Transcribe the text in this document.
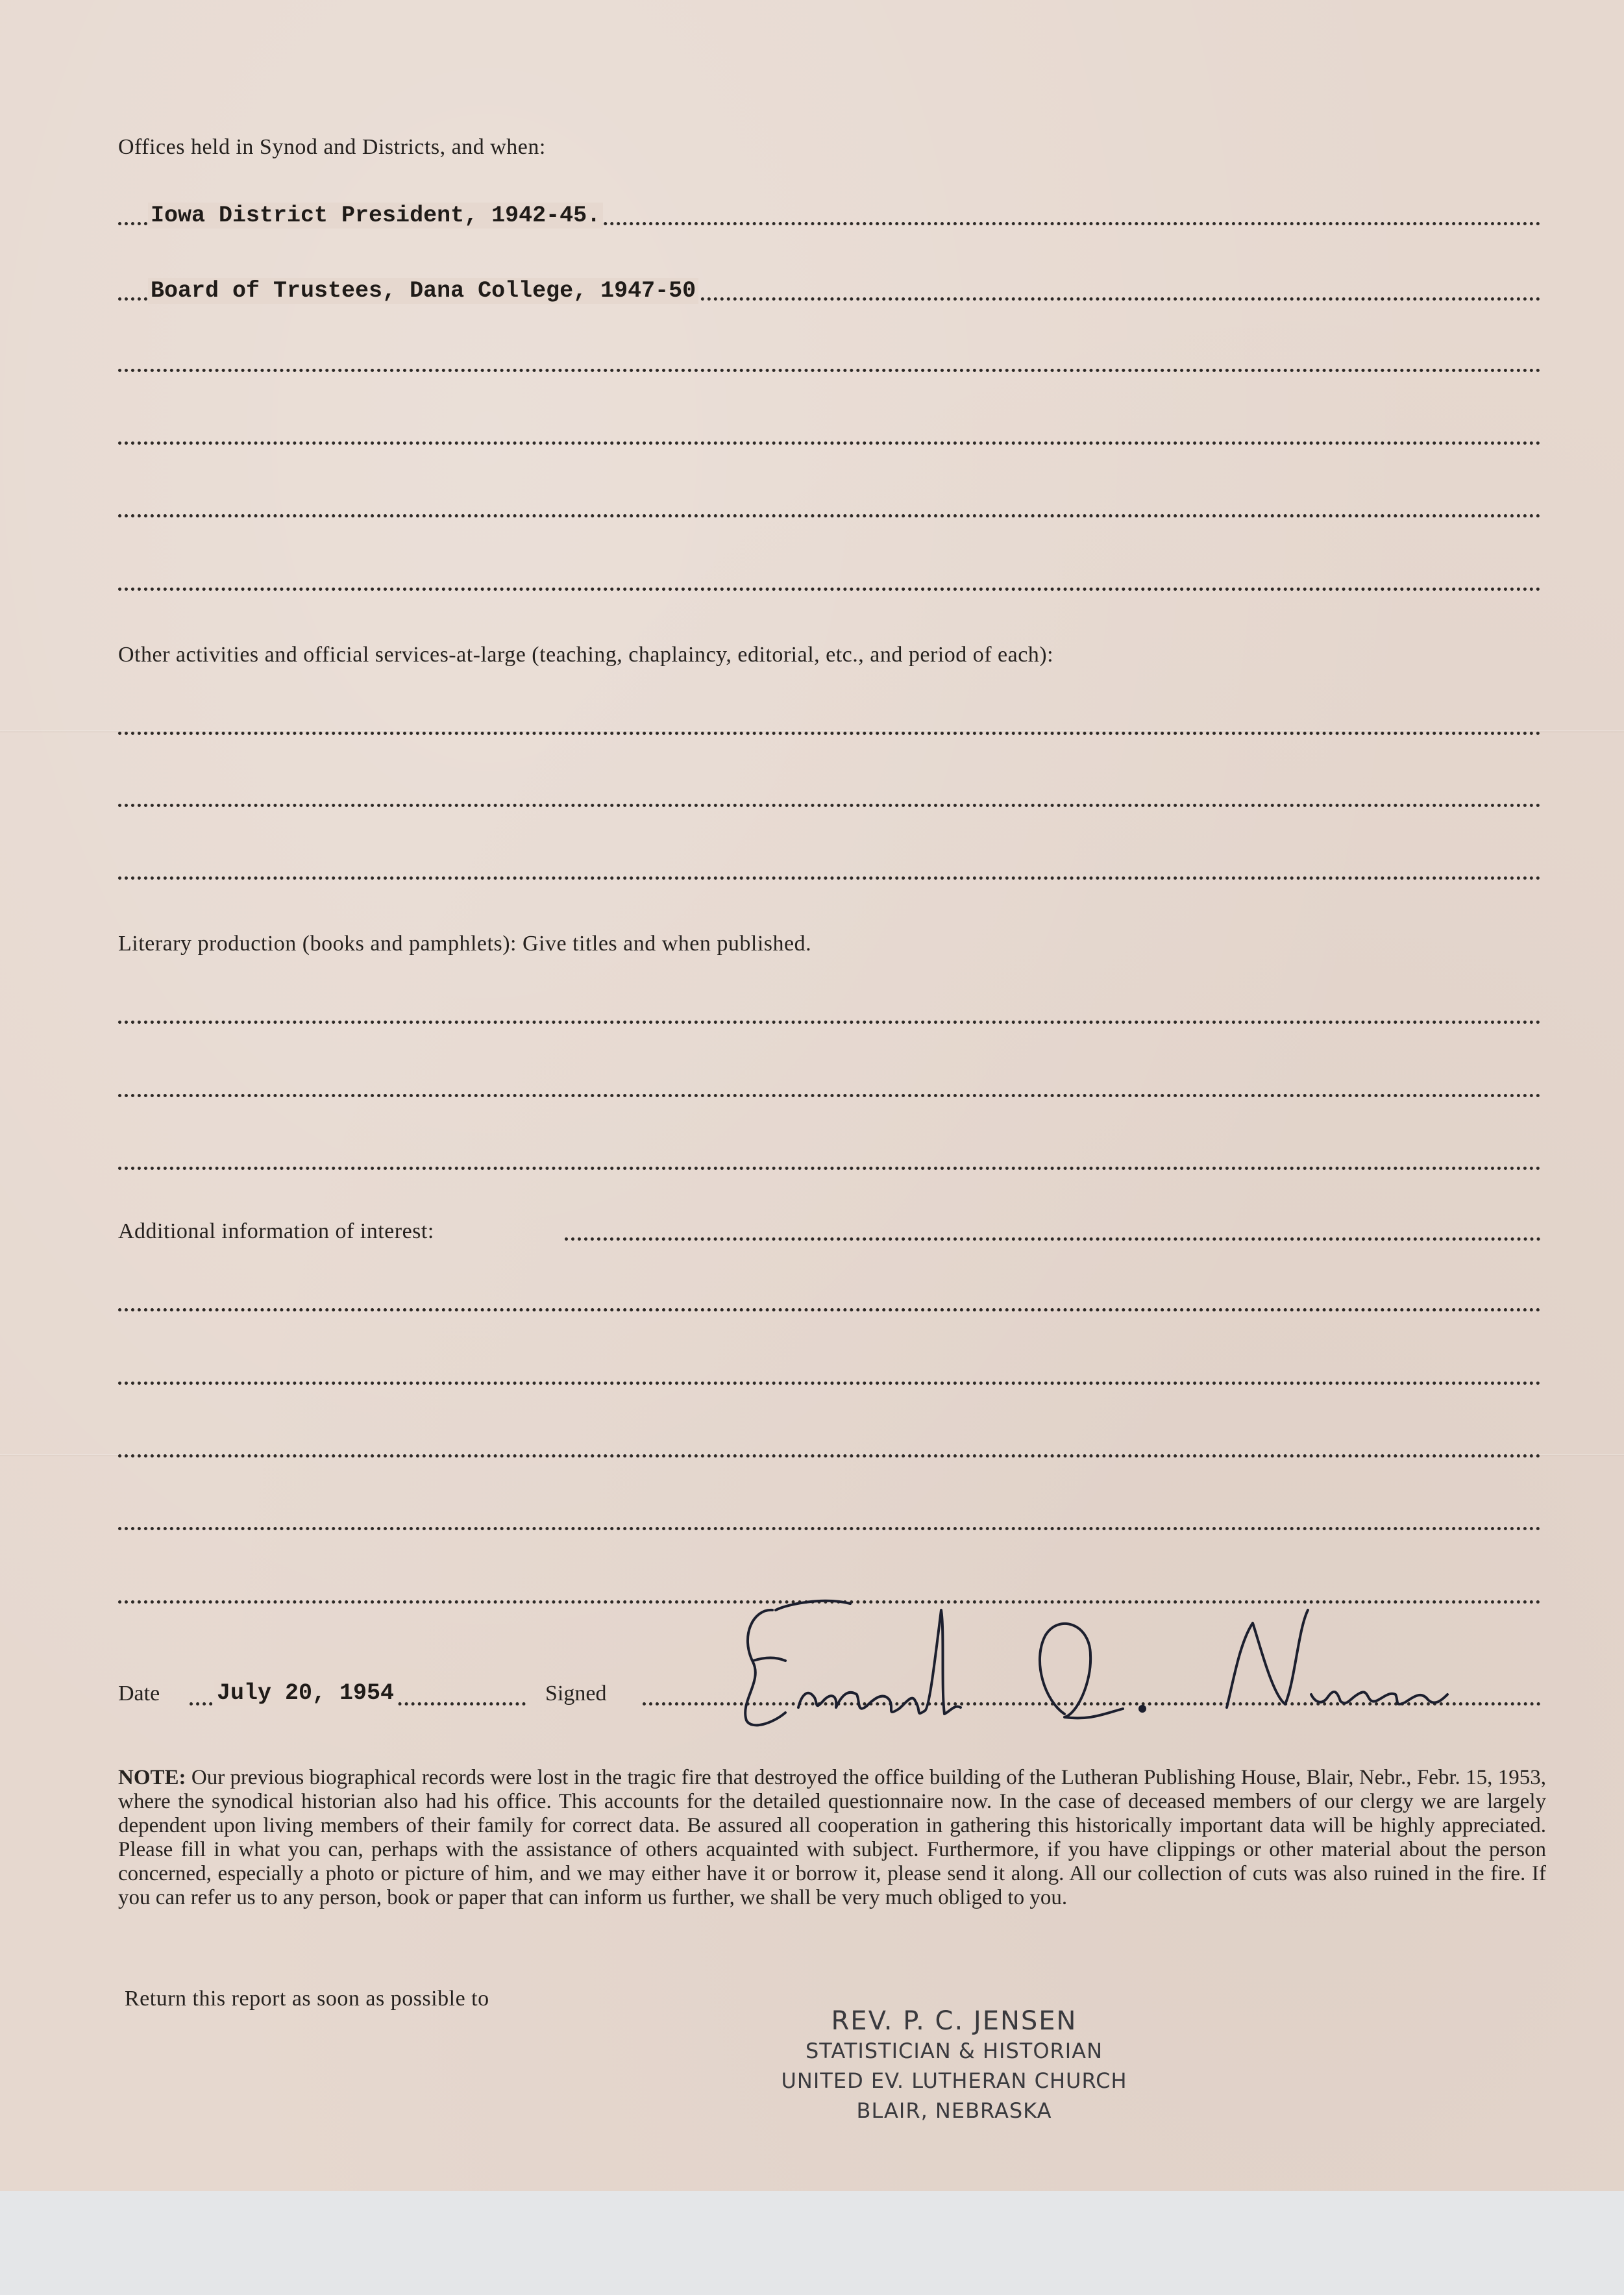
Offices held in Synod and Districts, and when:
Iowa District President, 1942-45.
Board of Trustees, Dana College, 1947-50
Other activities and official services-at-large (teaching, chaplaincy, editorial, etc., and period of each):
Literary production (books and pamphlets): Give titles and when published.
Additional information of interest:
Date	July 20, 1954	Signed
NOTE: Our previous biographical records were lost in the tragic fire that destroyed the office building of the Lutheran Publishing House, Blair, Nebr., Febr. 15, 1953, where the synodical historian also had his office. This accounts for the detailed questionnaire now. In the case of deceased members of our clergy we are largely dependent upon living members of their family for correct data. Be assured all cooperation in gathering this historically important data will be highly appreciated. Please fill in what you can, perhaps with the assistance of others acquainted with subject. Furthermore, if you have clippings or other material about the person concerned, especially a photo or picture of him, and we may either have it or borrow it, please send it along. All our collection of cuts was also ruined in the fire. If you can refer us to any person, book or paper that can inform us further, we shall be very much obliged to you.
Return this report as soon as possible to
REV. P. C. JENSEN
STATISTICIAN & HISTORIAN
UNITED EV. LUTHERAN CHURCH
BLAIR, NEBRASKA
